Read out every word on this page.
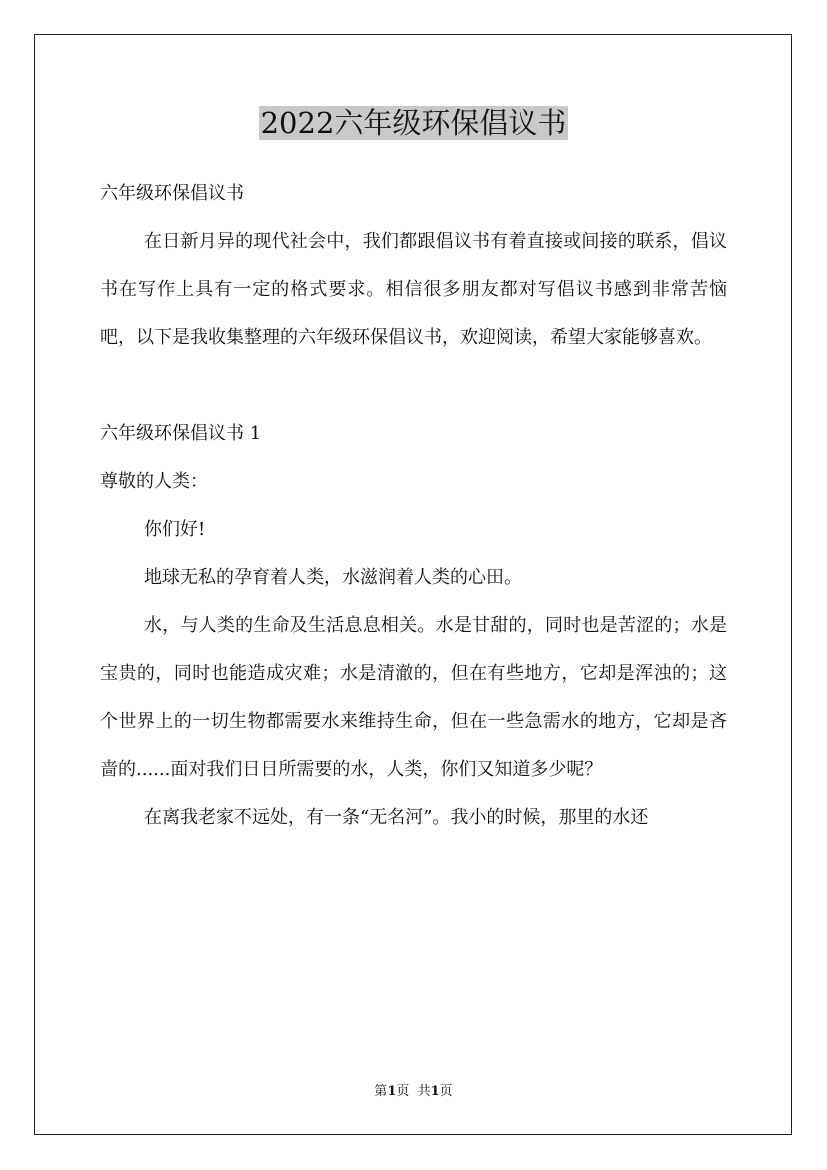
2022六年级环保倡议书

六年级环保倡议书

在日新月异的现代社会中，我们都跟倡议书有着直接或间接的联系，倡议书在写作上具有一定的格式要求。相信很多朋友都对写倡议书感到非常苦恼吧，以下是我收集整理的六年级环保倡议书，欢迎阅读，希望大家能够喜欢。

六年级环保倡议书 1

尊敬的人类：

你们好!

地球无私的孕育着人类，水滋润着人类的心田。

水，与人类的生命及生活息息相关。水是甘甜的，同时也是苦涩的；水是宝贵的，同时也能造成灾难；水是清澈的，但在有些地方，它却是浑浊的；这个世界上的一切生物都需要水来维持生命，但在一些急需水的地方，它却是吝啬的......面对我们日日所需要的水，人类，你们又知道多少呢？

在离我老家不远处，有一条“无名河”。我小的时候，那里的水还

第1页  共1页
